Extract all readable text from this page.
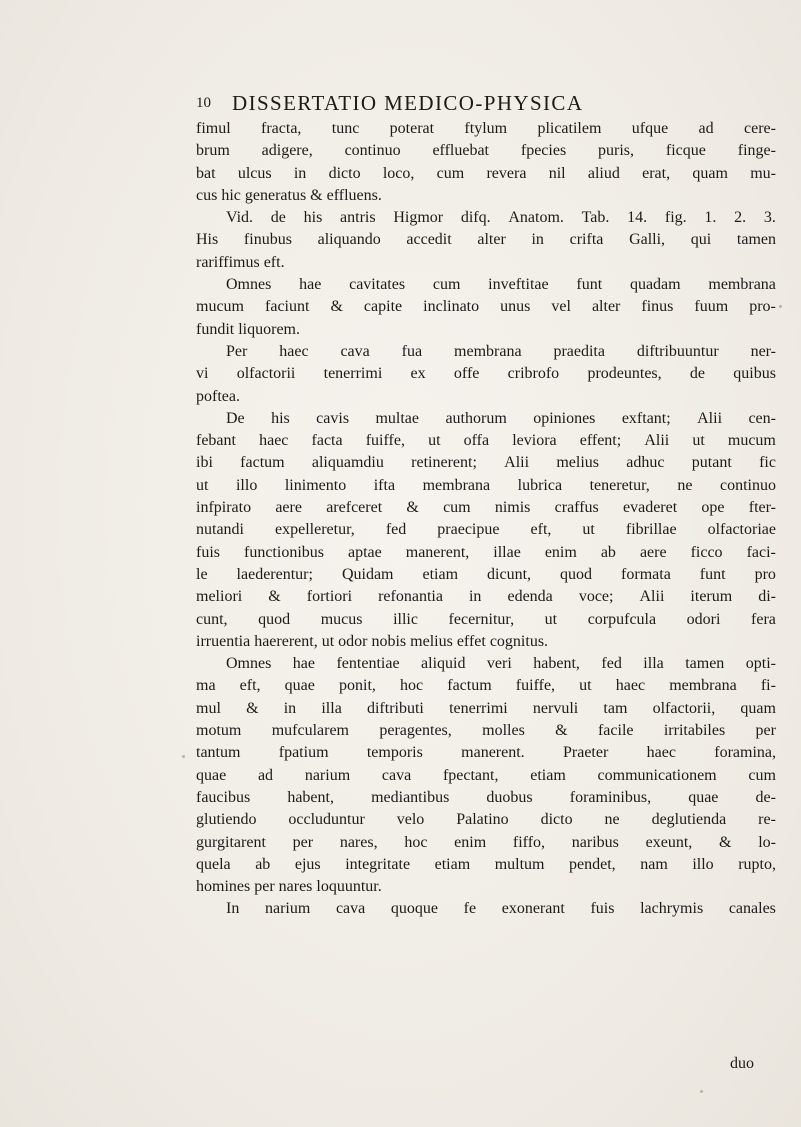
10 DISSERTATIO MEDICO-PHYSICA
fimul fracta, tunc poterat ftylum plicatilem ufque ad cere-
brum adigere, continuo effluebat fpecies puris, ficque finge-
bat ulcus in dicto loco, cum revera nil aliud erat, quam mu-
cus hic generatus & effluens.
Vid. de his antris Higmor difq. Anatom. Tab. 14. fig. 1. 2. 3.
His finubus aliquando accedit alter in crifta Galli, qui tamen
rariffimus eft.
Omnes hae cavitates cum inveftitae funt quadam membrana
mucum faciunt & capite inclinato unus vel alter finus fuum pro-
fundit liquorem.
Per haec cava fua membrana praedita diftribuuntur ner-
vi olfactorii tenerrimi ex offe cribrofo prodeuntes, de quibus
poftea.
De his cavis multae authorum opiniones exftant; Alii cen-
febant haec facta fuiffe, ut offa leviora effent; Alii ut mucum
ibi factum aliquamdiu retinerent; Alii melius adhuc putant fic
ut illo linimento ifta membrana lubrica teneretur, ne continuo
infpirato aere arefceret & cum nimis craffus evaderet ope fter-
nutandi expelleretur, fed praecipue eft, ut fibrillae olfactoriae
fuis functionibus aptae manerent, illae enim ab aere ficco faci-
le laederentur; Quidam etiam dicunt, quod formata funt pro
meliori & fortiori refonantia in edenda voce; Alii iterum di-
cunt, quod mucus illic fecernitur, ut corpufcula odori fera
irruentia haererent, ut odor nobis melius effet cognitus.
Omnes hae fententiae aliquid veri habent, fed illa tamen opti-
ma eft, quae ponit, hoc factum fuiffe, ut haec membrana fi-
mul & in illa diftributi tenerrimi nervuli tam olfactorii, quam
motum mufcularem peragentes, molles & facile irritabiles per
tantum fpatium temporis manerent. Praeter haec foramina,
quae ad narium cava fpectant, etiam communicationem cum
faucibus habent, mediantibus duobus foraminibus, quae de-
glutiendo occluduntur velo Palatino dicto ne deglutienda re-
gurgitarent per nares, hoc enim fiffo, naribus exeunt, & lo-
quela ab ejus integritate etiam multum pendet, nam illo rupto,
homines per nares loquuntur.
In narium cava quoque fe exonerant fuis lachrymis canales
duo
